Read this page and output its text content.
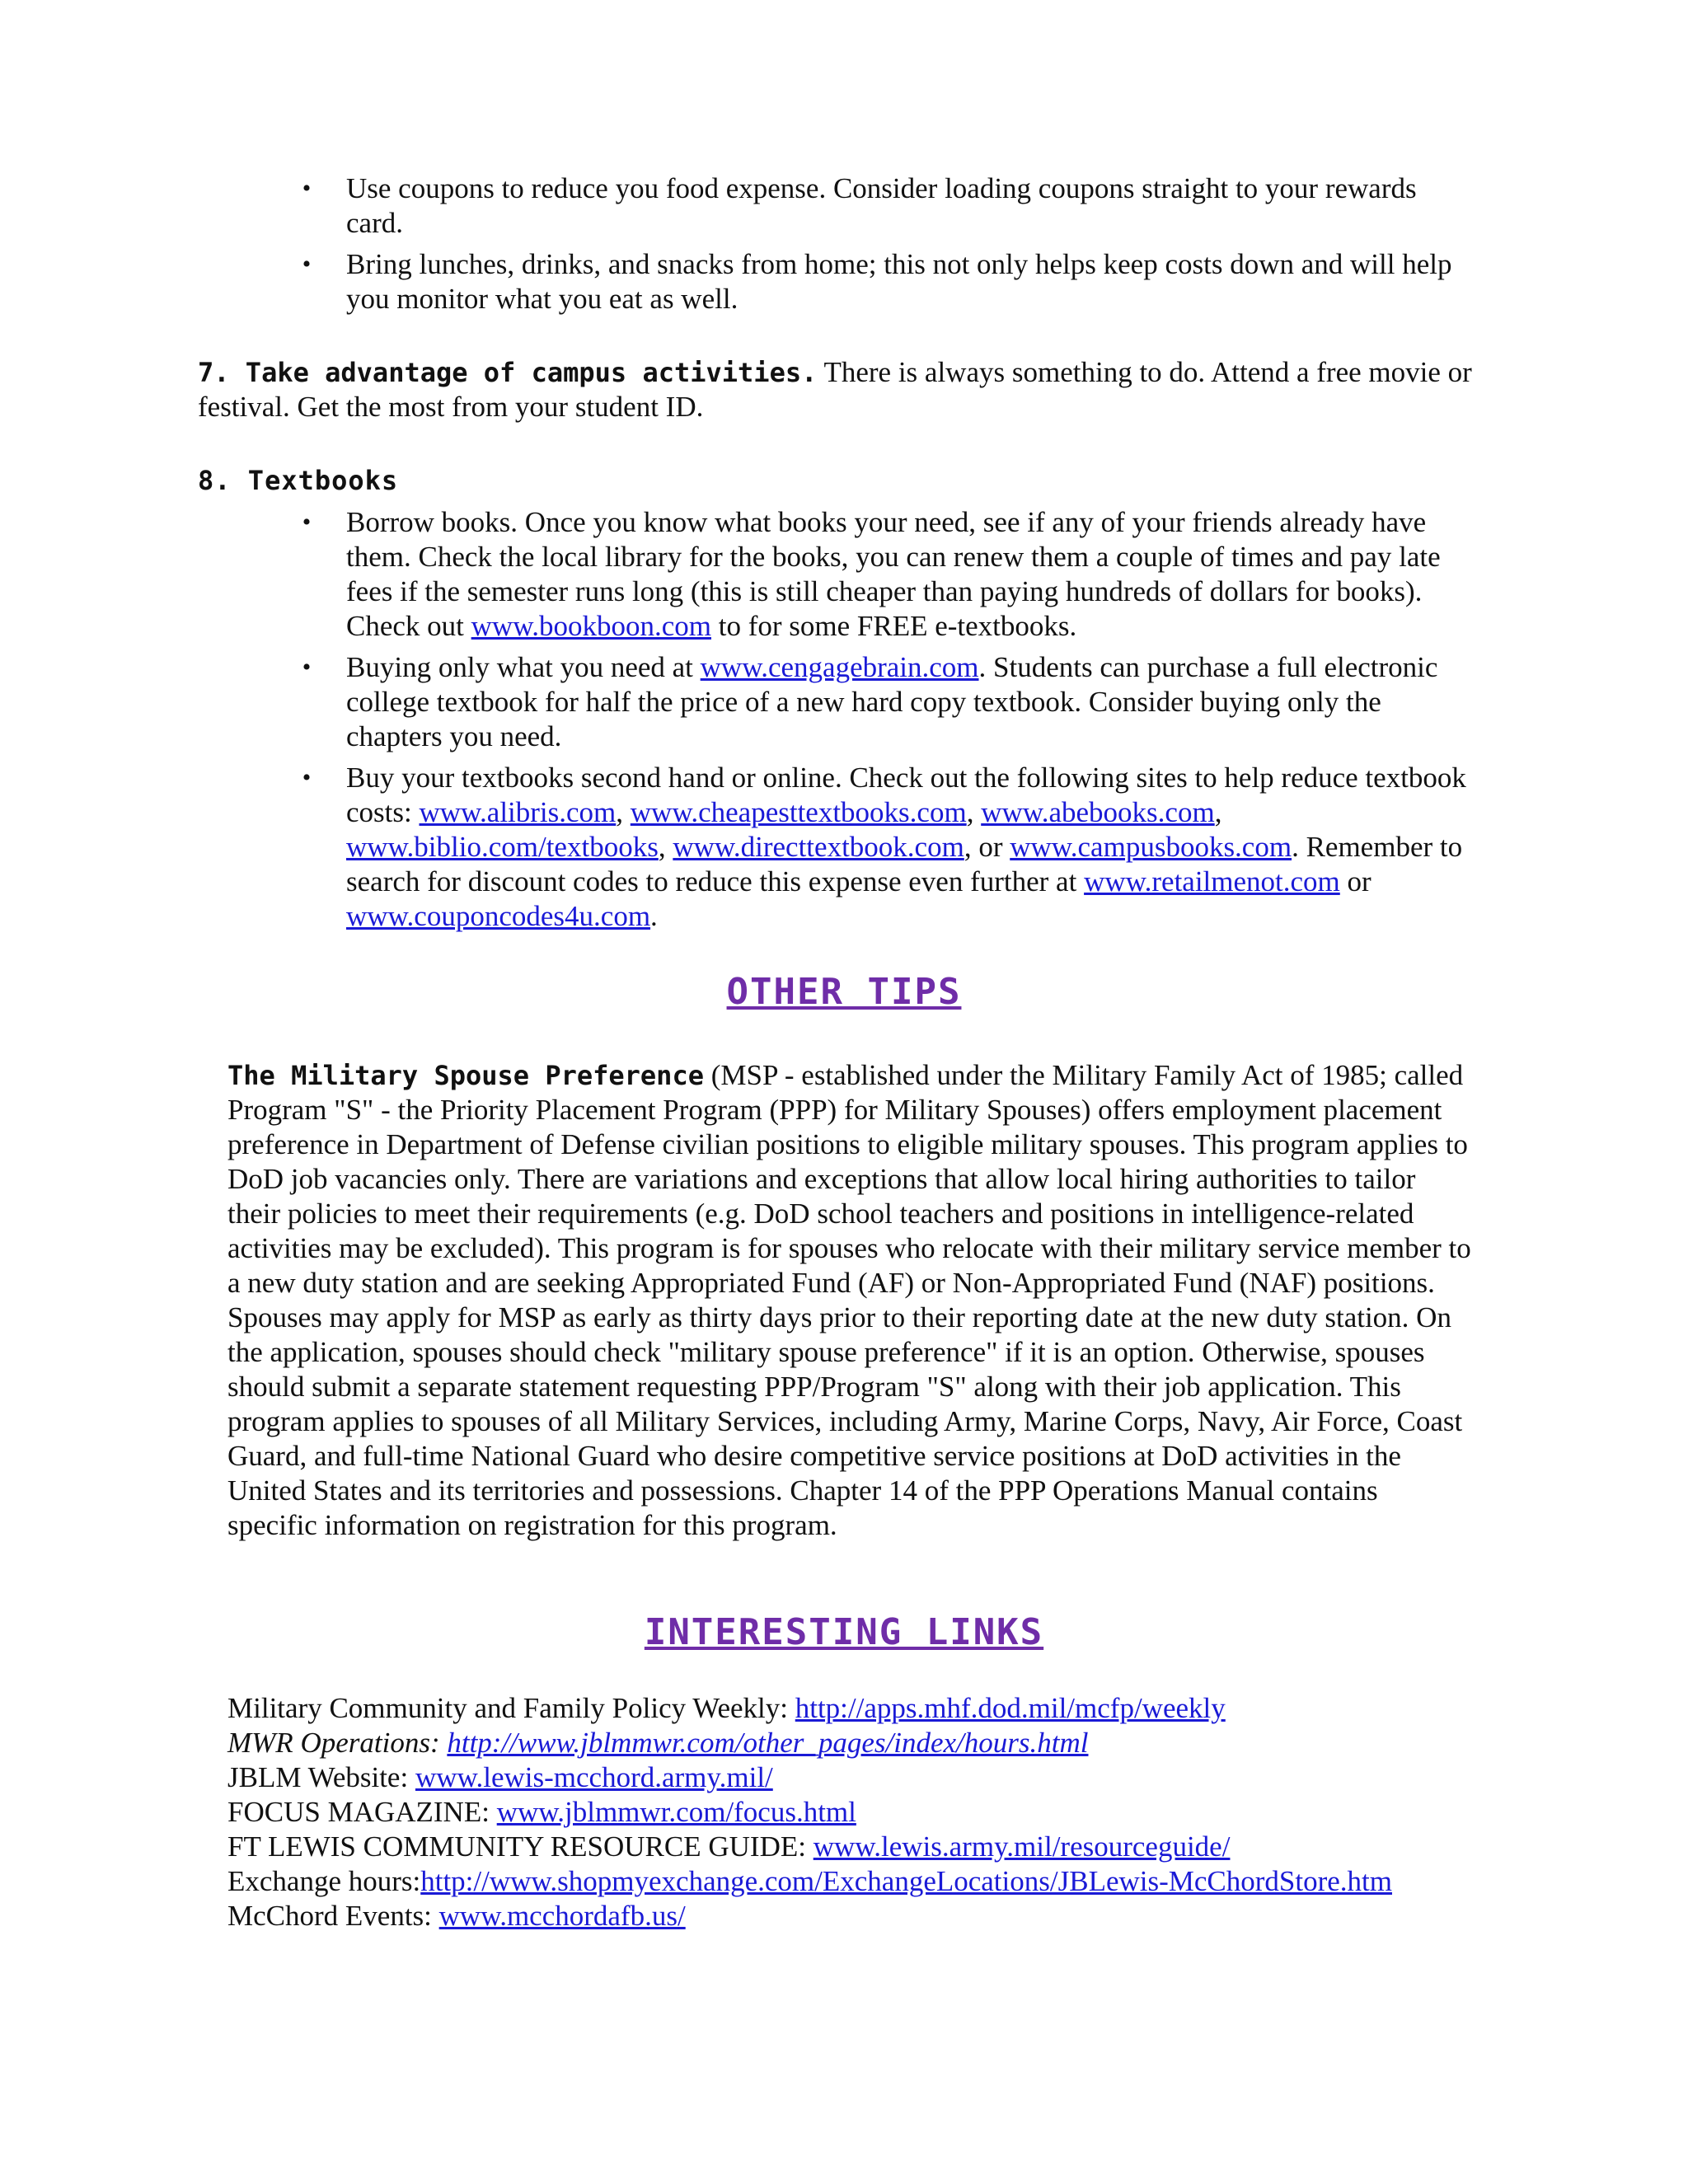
• Use coupons to reduce you food expense. Consider loading coupons straight to your rewards card.
• Bring lunches, drinks, and snacks from home; this not only helps keep costs down and will help you monitor what you eat as well.
7. Take advantage of campus activities. There is always something to do. Attend a free movie or festival. Get the most from your student ID.
8. Textbooks
• Borrow books. Once you know what books your need, see if any of your friends already have them. Check the local library for the books, you can renew them a couple of times and pay late fees if the semester runs long (this is still cheaper than paying hundreds of dollars for books). Check out www.bookboon.com to for some FREE e-textbooks.
• Buying only what you need at www.cengagebrain.com. Students can purchase a full electronic college textbook for half the price of a new hard copy textbook. Consider buying only the chapters you need.
• Buy your textbooks second hand or online. Check out the following sites to help reduce textbook costs: www.alibris.com, www.cheapesttextbooks.com, www.abebooks.com, www.biblio.com/textbooks, www.directtextbook.com, or www.campusbooks.com. Remember to search for discount codes to reduce this expense even further at www.retailmenot.com or www.couponcodes4u.com.
OTHER TIPS
The Military Spouse Preference (MSP - established under the Military Family Act of 1985; called Program "S" - the Priority Placement Program (PPP) for Military Spouses) offers employment placement preference in Department of Defense civilian positions to eligible military spouses. This program applies to DoD job vacancies only. There are variations and exceptions that allow local hiring authorities to tailor their policies to meet their requirements (e.g. DoD school teachers and positions in intelligence-related activities may be excluded). This program is for spouses who relocate with their military service member to a new duty station and are seeking Appropriated Fund (AF) or Non-Appropriated Fund (NAF) positions. Spouses may apply for MSP as early as thirty days prior to their reporting date at the new duty station. On the application, spouses should check "military spouse preference" if it is an option. Otherwise, spouses should submit a separate statement requesting PPP/Program "S" along with their job application. This program applies to spouses of all Military Services, including Army, Marine Corps, Navy, Air Force, Coast Guard, and full-time National Guard who desire competitive service positions at DoD activities in the United States and its territories and possessions. Chapter 14 of the PPP Operations Manual contains specific information on registration for this program.
INTERESTING LINKS

Military Community and Family Policy Weekly: http://apps.mhf.dod.mil/mcfp/weekly

MWR Operations: http://www.jblmmwr.com/other_pages/index/hours.html

JBLM Website: www.lewis-mcchord.army.mil/

FOCUS MAGAZINE: www.jblmmwr.com/focus.html

FT LEWIS COMMUNITY RESOURCE GUIDE: www.lewis.army.mil/resourceguide/

Exchange hours:http://www.shopmyexchange.com/ExchangeLocations/JBLewis-McChordStore.htm

McChord Events: www.mcchordafb.us/
